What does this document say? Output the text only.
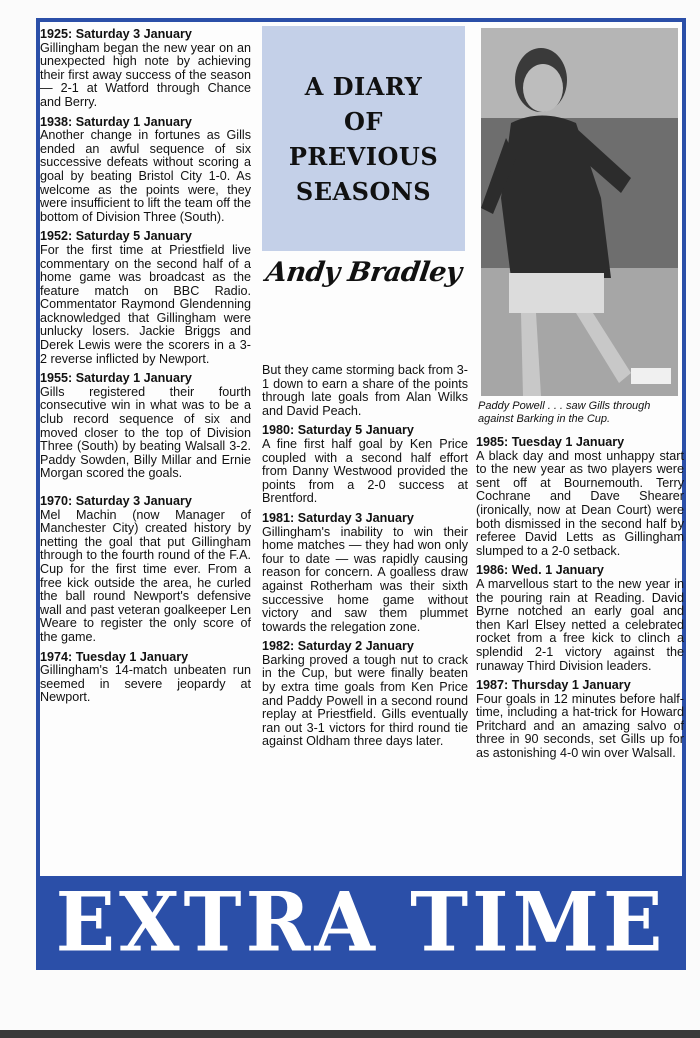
1925: Saturday 3 January
Gillingham began the new year on an unexpected high note by achieving their first away success of the season — 2-1 at Watford through Chance and Berry.
1938: Saturday 1 January
Another change in fortunes as Gills ended an awful sequence of six successive defeats without scoring a goal by beating Bristol City 1-0. As welcome as the points were, they were insufficient to lift the team off the bottom of Division Three (South).
1952: Saturday 5 January
For the first time at Priestfield live commentary on the second half of a home game was broadcast as the feature match on BBC Radio. Commentator Raymond Glendenning acknowledged that Gillingham were unlucky losers. Jackie Briggs and Derek Lewis were the scorers in a 3-2 reverse inflicted by Newport.
1955: Saturday 1 January
Gills registered their fourth consecutive win in what was to be a club record sequence of six and moved closer to the top of Division Three (South) by beating Walsall 3-2. Paddy Sowden, Billy Millar and Ernie Morgan scored the goals.
1970: Saturday 3 January
Mel Machin (now Manager of Manchester City) created history by netting the goal that put Gillingham through to the fourth round of the F.A. Cup for the first time ever. From a free kick outside the area, he curled the ball round Newport's defensive wall and past veteran goalkeeper Len Weare to register the only score of the game.
1974: Tuesday 1 January
Gillingham's 14-match unbeaten run seemed in severe jeopardy at Newport.
A DIARY
OF
PREVIOUS
SEASONS
Andy Bradley
Paddy Powell . . . saw Gills through against Barking in the Cup.
But they came storming back from 3-1 down to earn a share of the points through late goals from Alan Wilks and David Peach.
1980: Saturday 5 January
A fine first half goal by Ken Price coupled with a second half effort from Danny Westwood provided the points from a 2-0 success at Brentford.
1981: Saturday 3 January
Gillingham's inability to win their home matches — they had won only four to date — was rapidly causing reason for concern. A goalless draw against Rotherham was their sixth successive home game without victory and saw them plummet towards the relegation zone.
1982: Saturday 2 January
Barking proved a tough nut to crack in the Cup, but were finally beaten by extra time goals from Ken Price and Paddy Powell in a second round replay at Priestfield. Gills eventually ran out 3-1 victors for third round tie against Oldham three days later.
1985: Tuesday 1 January
A black day and most unhappy start to the new year as two players were sent off at Bournemouth. Terry Cochrane and Dave Shearer (ironically, now at Dean Court) were both dismissed in the second half by referee David Letts as Gillingham slumped to a 2-0 setback.
1986: Wed. 1 January
A marvellous start to the new year in the pouring rain at Reading. David Byrne notched an early goal and then Karl Elsey netted a celebrated rocket from a free kick to clinch a splendid 2-1 victory against the runaway Third Division leaders.
1987: Thursday 1 January
Four goals in 12 minutes before half-time, including a hat-trick for Howard Pritchard and an amazing salvo of three in 90 seconds, set Gills up for as astonishing 4-0 win over Walsall.
EXTRA TIME
